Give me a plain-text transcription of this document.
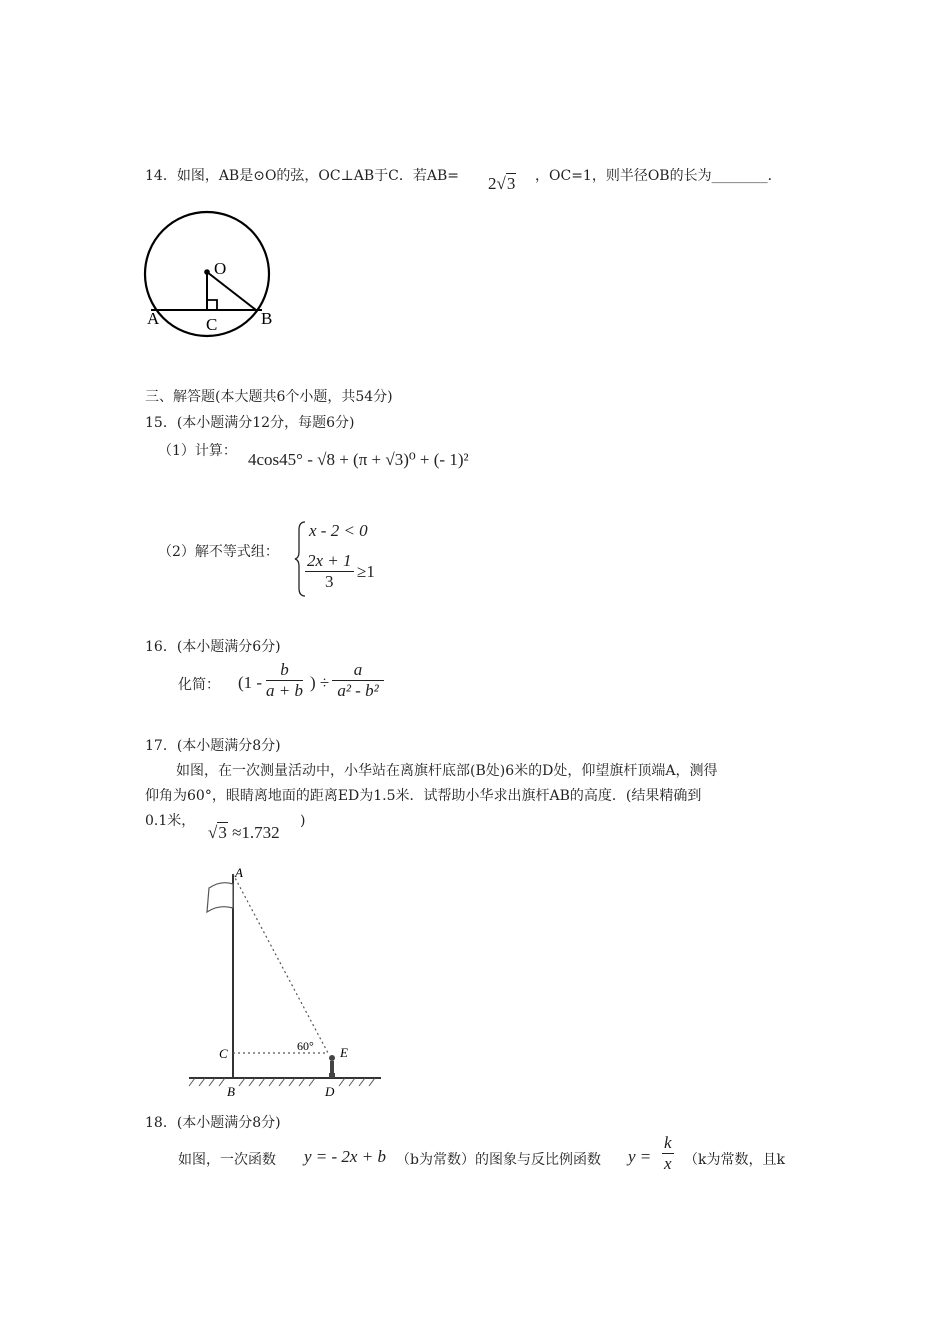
14．如图，AB是⊙O的弦，OC⊥AB于C．若AB= 2√3 ，OC=1，则半径OB的长为________．
O
A	B
C
三、解答题(本大题共6个小题，共54分)
15．(本小题满分12分，每题6分)
（1）计算： 4cos45° - √8 + (π + √3)⁰ + (- 1)²
（2）解不等式组：
x - 2 < 0
$\frac{2x + 1}{3} \ge 1$
16．(本小题满分6分)
化简： ($1 - \frac{b}{a + b}$ ) ÷ $\frac{a}{\text{a² - b²}}$
17．(本小题满分8分)
如图，在一次测量活动中，小华站在离旗杆底部(B处)6米的D处，仰望旗杆顶端A，测得
仰角为60°，眼睛离地面的距离ED为1.5米．试帮助小华求出旗杆AB的高度．(结果精确到
0.1米，
√3 ≈1.732
)
A
C
B	D
E
60°
18．(本小题满分8分)
如图，一次函数 y = - 2x + b （b为常数）的图象与反比例函数 $y = \frac{k}{x} (k$为常数，且k
